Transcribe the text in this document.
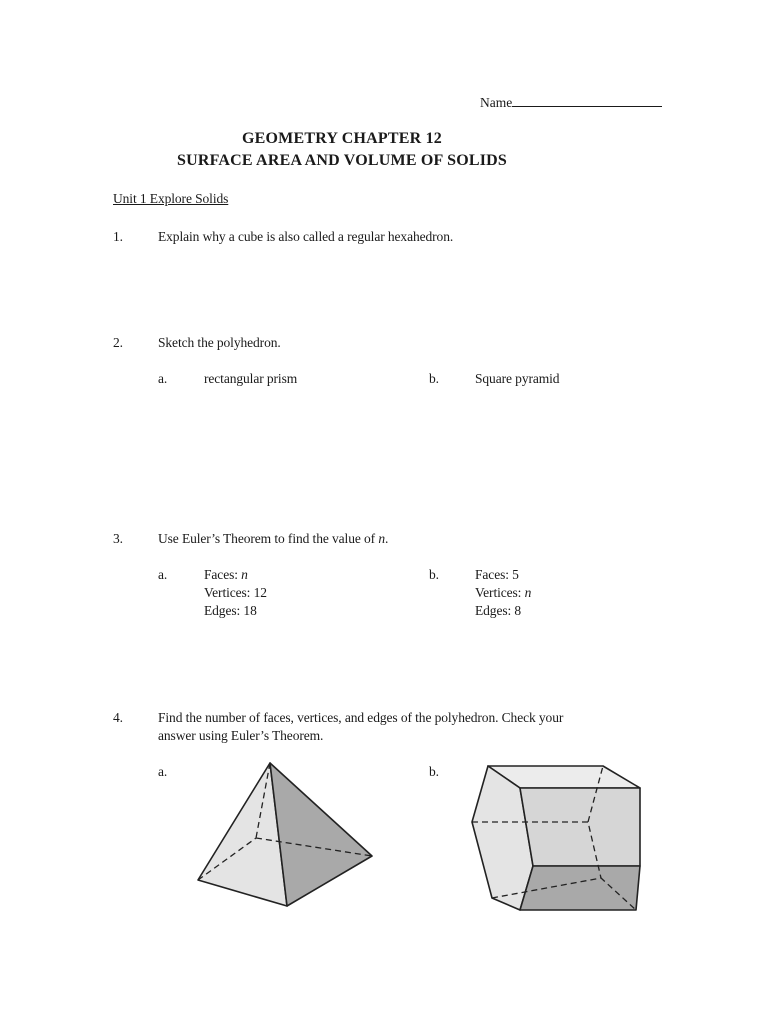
Name
GEOMETRY CHAPTER 12
SURFACE AREA AND VOLUME OF SOLIDS
Unit 1 Explore Solids
1.	Explain why a cube is also called a regular hexahedron.
2.	Sketch the polyhedron.
a.	rectangular prism	b.	Square pyramid
3.	Use Euler’s Theorem to find the value of n.
a.	Faces: n
Vertices: 12
Edges: 18
b.	Faces: 5
Vertices: n
Edges: 8
4.	Find the number of faces, vertices, and edges of the polyhedron. Check your
answer using Euler’s Theorem.
a.	b.
